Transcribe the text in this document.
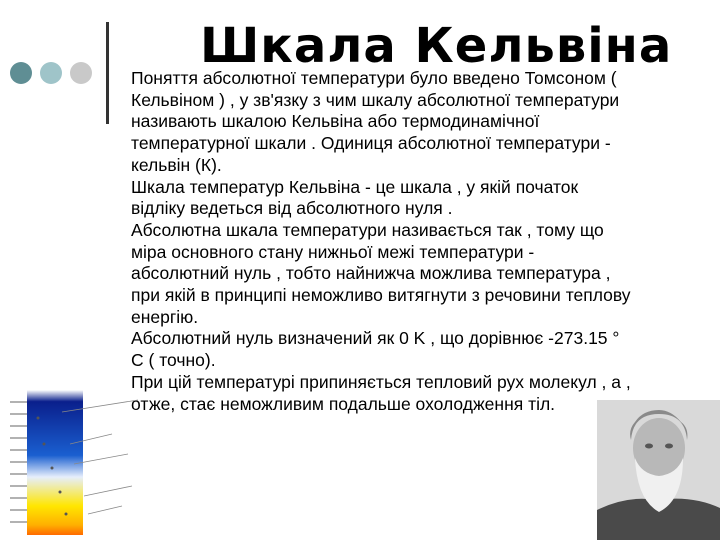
Шкала Кельвіна

Поняття абсолютної температури було введено Томсоном ( Кельвіном ) , у зв'язку з чим шкалу абсолютної температури називають шкалою Кельвіна або термодинамічної температурної шкали . Одиниця абсолютної температури - кельвін (К).

Шкала температур Кельвіна - це шкала , у якій початок відліку ведеться від абсолютного нуля .

Абсолютна шкала температури називається так , тому що міра основного стану нижньої межі температури - абсолютний нуль , тобто найнижча можлива температура , при якій в принципі неможливо витягнути з речовини теплову енергію.

Абсолютний нуль визначений як 0 K , що дорівнює -273.15 ° С ( точно).

При цій температурі припиняється тепловий рух молекул , а , отже, стає неможливим подальше охолодження тіл.
